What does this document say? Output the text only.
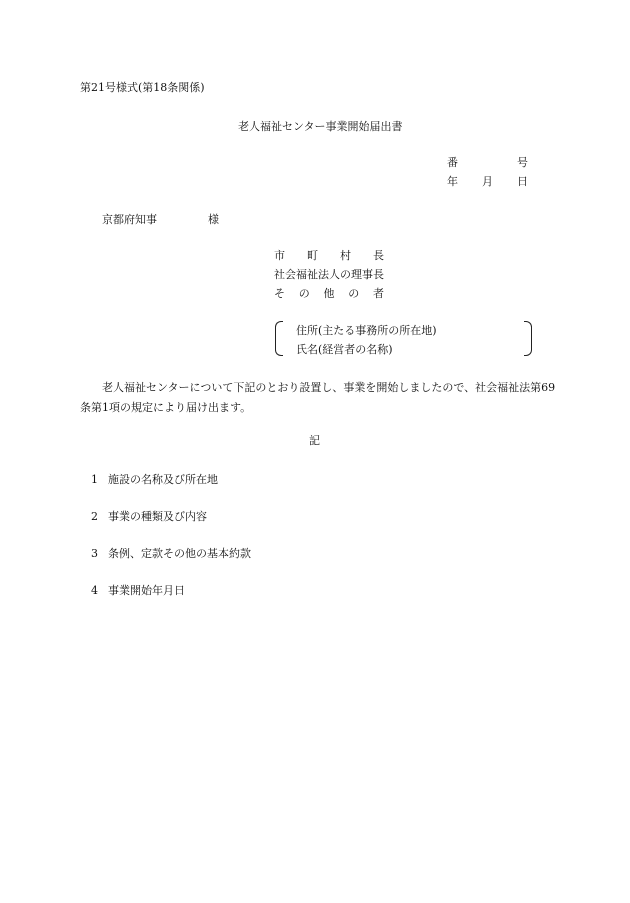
第21号様式(第18条関係)
老人福祉センター事業開始届出書
番	号
年 月 日
京都府知事	様
市 町 村 長
社会福祉法人の理事長
そ の 他 の 者
住所(主たる事務所の所在地)
氏名(経営者の名称)
老人福祉センターについて下記のとおり設置し、事業を開始しましたので、社会福祉法第69条第1項の規定により届け出ます。
記
1 施設の名称及び所在地
2 事業の種類及び内容
3 条例、定款その他の基本約款
4 事業開始年月日
